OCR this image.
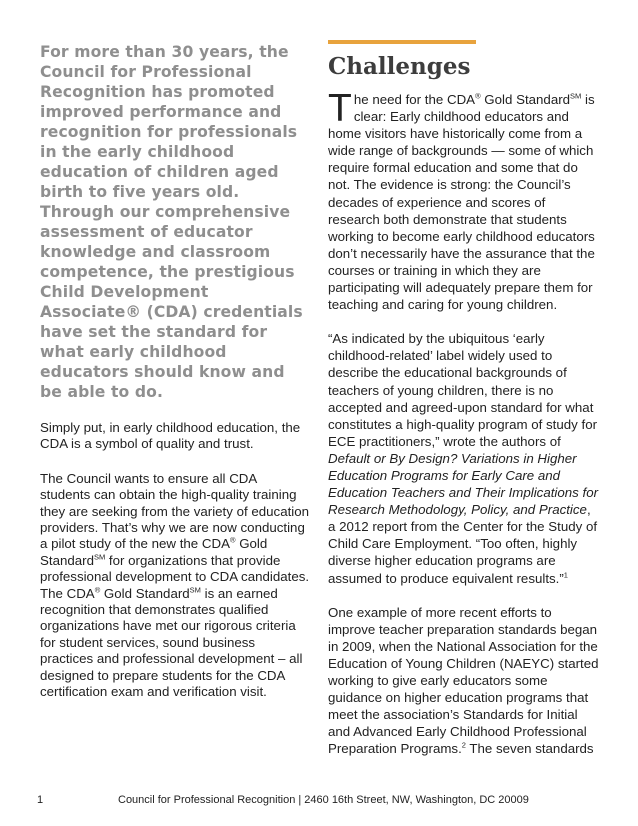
For more than 30 years, the Council for Professional Recognition has promoted improved performance and recognition for professionals in the early childhood education of children aged birth to five years old. Through our comprehensive assessment of educator knowledge and classroom competence, the prestigious Child Development Associate® (CDA) credentials have set the standard for what early childhood educators should know and be able to do.

Simply put, in early childhood education, the CDA is a symbol of quality and trust.

The Council wants to ensure all CDA students can obtain the high-quality training they are seeking from the variety of education providers. That’s why we are now conducting a pilot study of the new the CDA® Gold Standard℠ for organizations that provide professional development to CDA candidates. The CDA® Gold Standard℠ is an earned recognition that demonstrates qualified organizations have met our rigorous criteria for student services, sound business practices and professional development – all designed to prepare students for the CDA certification exam and verification visit.

Challenges

The need for the CDA® Gold Standard℠ is clear: Early childhood educators and home visitors have historically come from a wide range of backgrounds — some of which require formal education and some that do not. The evidence is strong: the Council’s decades of experience and scores of research both demonstrate that students working to become early childhood educators don’t necessarily have the assurance that the courses or training in which they are participating will adequately prepare them for teaching and caring for young children.

“As indicated by the ubiquitous ‘early childhood-related’ label widely used to describe the educational backgrounds of teachers of young children, there is no accepted and agreed-upon standard for what constitutes a high-quality program of study for ECE practitioners,” wrote the authors of Default or By Design? Variations in Higher Education Programs for Early Care and Education Teachers and Their Implications for Research Methodology, Policy, and Practice, a 2012 report from the Center for the Study of Child Care Employment. “Too often, highly diverse higher education programs are assumed to produce equivalent results.”$^1$

One example of more recent efforts to improve teacher preparation standards began in 2009, when the National Association for the Education of Young Children (NAEYC) started working to give early educators some guidance on higher education programs that meet the association’s Standards for Initial and Advanced Early Childhood Professional Preparation Programs.$^2$ The seven standards

1	Council for Professional Recognition | 2460 16th Street, NW, Washington, DC 20009
